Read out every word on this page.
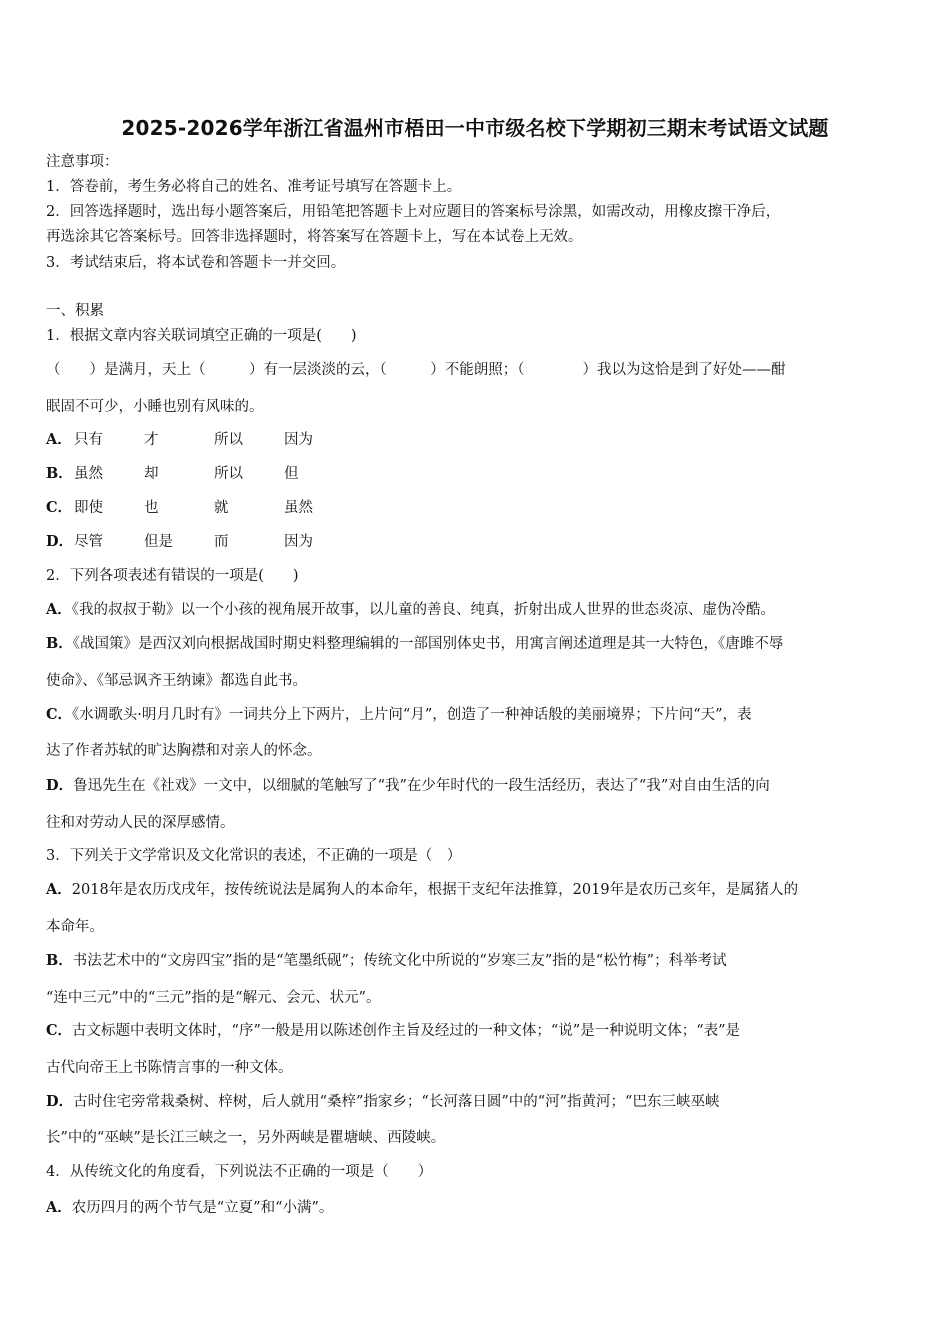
2025-2026学年浙江省温州市梧田一中市级名校下学期初三期末考试语文试题
注意事项：
1．答卷前，考生务必将自己的姓名、准考证号填写在答题卡上。
2．回答选择题时，选出每小题答案后，用铅笔把答题卡上对应题目的答案标号涂黑，如需改动，用橡皮擦干净后，
再选涂其它答案标号。回答非选择题时，将答案写在答题卡上，写在本试卷上无效。
3．考试结束后，将本试卷和答题卡一并交回。
一、积累
1．根据文章内容关联词填空正确的一项是(　　)
（　　）是满月，天上（　　　）有一层淡淡的云，（　　　）不能朗照；（　　　　）我以为这恰是到了好处——酣
眠固不可少，小睡也别有风味的。
A． 只有	才	所以	因为
B．虽然	却	所以	但
C． 即使	也	就	虽然
D．尽管	但是	而	因为
2．下列各项表述有错误的一项是(　　)
A．《我的叔叔于勒》以一个小孩的视角展开故事，以儿童的善良、纯真，折射出成人世界的世态炎凉、虚伪冷酷。
B．《战国策》是西汉刘向根据战国时期史料整理编辑的一部国别体史书，用寓言阐述道理是其一大特色，《唐雎不辱
使命》、《邹忌讽齐王纳谏》都选自此书。
C．《水调歌头·明月几时有》一词共分上下两片，上片问“月”，创造了一种神话般的美丽境界；下片问“天”，表
达了作者苏轼的旷达胸襟和对亲人的怀念。
D．鲁迅先生在《社戏》一文中，以细腻的笔触写了“我”在少年时代的一段生活经历，表达了“我”对自由生活的向
往和对劳动人民的深厚感情。
3．下列关于文学常识及文化常识的表述，不正确的一项是（　）
A．2018年是农历戊戌年，按传统说法是属狗人的本命年，根据干支纪年法推算，2019年是农历己亥年，是属猪人的
本命年。
B．书法艺术中的“文房四宝”指的是“笔墨纸砚”；传统文化中所说的“岁寒三友”指的是“松竹梅”；科举考试
“连中三元”中的“三元”指的是“解元、会元、状元”。
C．古文标题中表明文体时，“序”一般是用以陈述创作主旨及经过的一种文体；“说”是一种说明文体；“表”是
古代向帝王上书陈情言事的一种文体。
D．古时住宅旁常栽桑树、梓树，后人就用“桑梓”指家乡；“长河落日圆”中的“河”指黄河；“巴东三峡巫峡
长”中的“巫峡”是长江三峡之一，另外两峡是瞿塘峡、西陵峡。
4．从传统文化的角度看，下列说法不正确的一项是（　　）
A．农历四月的两个节气是“立夏”和“小满”。
